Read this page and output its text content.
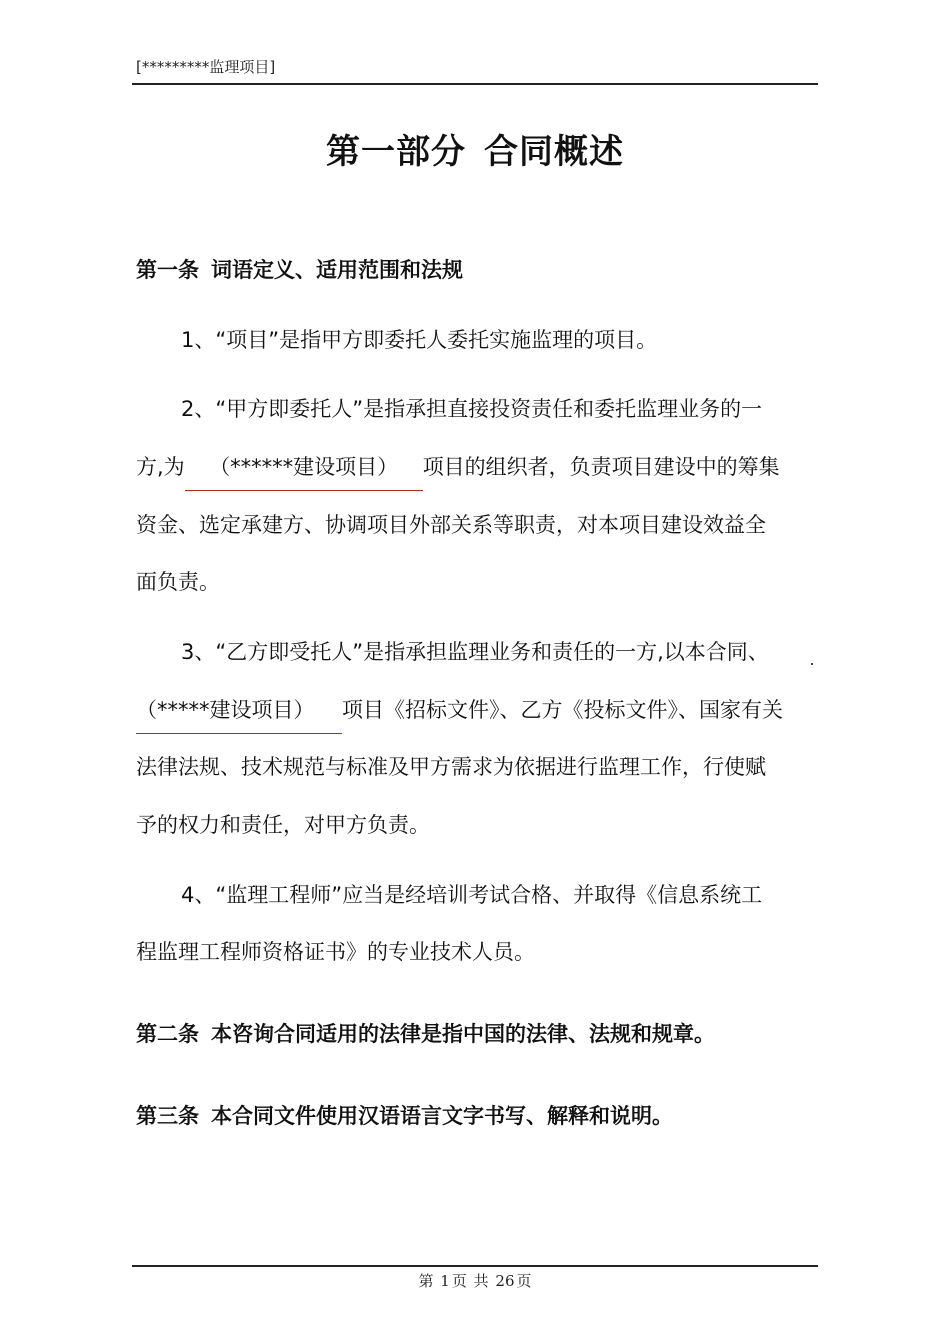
[*********监理项目]
第一部分 合同概述
第一条 词语定义、适用范围和法规
1、“项目”是指甲方即委托人委托实施监理的项目。
2、“甲方即委托人”是指承担直接投资责任和委托监理业务的一
方,为 （******建设项目） 项目的组织者，负责项目建设中的筹集
资金、选定承建方、协调项目外部关系等职责，对本项目建设效益全
面负责。
3、“乙方即受托人”是指承担监理业务和责任的一方,以本合同、
（*****建设项目） 项目《招标文件》、乙方《投标文件》、国家有关
法律法规、技术规范与标准及甲方需求为依据进行监理工作，行使赋
予的权力和责任，对甲方负责。
4、“监理工程师”应当是经培训考试合格、并取得《信息系统工
程监理工程师资格证书》的专业技术人员。
第二条 本咨询合同适用的法律是指中国的法律、法规和规章。
第三条 本合同文件使用汉语语言文字书写、解释和说明。
第 1 页 共 26 页
